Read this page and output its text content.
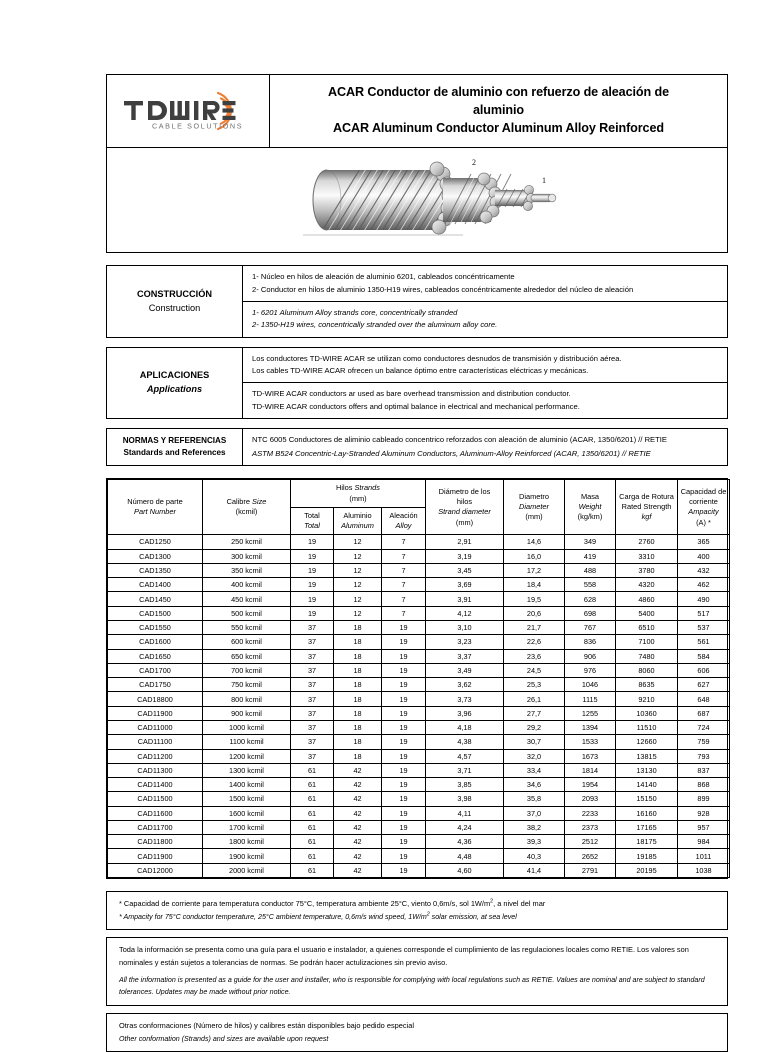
CABLE SOLUTIONS
ACAR Conductor de aluminio con refuerzo de aleación de
aluminio
ACAR Aluminum Conductor Aluminum Alloy Reinforced
2
1
CONSTRUCCIÓN
Construction

1- Núcleo en hilos de aleación de aluminio 6201, cableados concéntricamente

2- Conductor en hilos de aluminio 1350-H19 wires, cableados concéntricamente alrededor del núcleo de aleación

1- 6201 Aluminum Alloy strands core, concentrically stranded

2- 1350-H19 wires, concentrically stranded over the aluminum alloy core.

APLICACIONES
Applications

Los conductores TD-WIRE ACAR se utilizan como conductores desnudos de transmisión y distribución aérea.

Los cables TD-WIRE ACAR ofrecen un balance óptimo entre características eléctricas y mecánicas.

TD-WIRE ACAR conductors ar used as bare overhead transmission and distribution conductor.

TD-WIRE ACAR conductors offers and optimal balance in electrical and mechanical performance.

NORMAS Y REFERENCIAS
Standards and References

NTC 6005 Conductores de aliminio cableado concentrico reforzados con aleación de aluminio (ACAR, 1350/6201) // RETIE

ASTM B524 Concentric-Lay-Stranded Aluminum Conductors, Aluminum-Alloy Reinforced (ACAR, 1350/6201) // RETIE

Número de parte
Part Number

Calibre Size
(kcmil)

Hilos Strands
(mm)

Diámetro de los
hilos
Strand diameter
(mm)

Diametro
Diameter
(mm)

Masa
Weight
(kg/km)

Carga de Rotura
Rated Strength
kgf

Capacidad de corriente
Ampacity
(A) *

Total
Total

Aluminio
Aluminum

Aleación
Alloy

CAD1250	250 kcmil	19	12	7	2,91	14,6	349	2760	365
CAD1300	300 kcmil	19	12	7	3,19	16,0	419	3310	400
CAD1350	350 kcmil	19	12	7	3,45	17,2	488	3780	432
CAD1400	400 kcmil	19	12	7	3,69	18,4	558	4320	462
CAD1450	450 kcmil	19	12	7	3,91	19,5	628	4860	490
CAD1500	500 kcmil	19	12	7	4,12	20,6	698	5400	517
CAD1550	550 kcmil	37	18	19	3,10	21,7	767	6510	537
CAD1600	600 kcmil	37	18	19	3,23	22,6	836	7100	561
CAD1650	650 kcmil	37	18	19	3,37	23,6	906	7480	584
CAD1700	700 kcmil	37	18	19	3,49	24,5	976	8060	606
CAD1750	750 kcmil	37	18	19	3,62	25,3	1046	8635	627
CAD18800	800 kcmil	37	18	19	3,73	26,1	1115	9210	648
CAD11900	900 kcmil	37	18	19	3,96	27,7	1255	10360	687
CAD11000	1000 kcmil	37	18	19	4,18	29,2	1394	11510	724
CAD11100	1100 kcmil	37	18	19	4,38	30,7	1533	12660	759
CAD11200	1200 kcmil	37	18	19	4,57	32,0	1673	13815	793
CAD11300	1300 kcmil	61	42	19	3,71	33,4	1814	13130	837
CAD11400	1400 kcmil	61	42	19	3,85	34,6	1954	14140	868
CAD11500	1500 kcmil	61	42	19	3,98	35,8	2093	15150	899
CAD11600	1600 kcmil	61	42	19	4,11	37,0	2233	16160	928
CAD11700	1700 kcmil	61	42	19	4,24	38,2	2373	17165	957
CAD11800	1800 kcmil	61	42	19	4,36	39,3	2512	18175	984
CAD11900	1900 kcmil	61	42	19	4,48	40,3	2652	19185	1011
CAD12000	2000 kcmil	61	42	19	4,60	41,4	2791	20195	1038

* Capacidad de corriente para temperatura conductor 75°C, temperatura ambiente 25°C, viento 0,6m/s, sol $1W/m^2$, a nivel del mar

* Ampacity for 75°C conductor temperature, 25°C ambient temperature, 0,6m/s wind speed, $1W/m^2$ solar emission, at sea level

Toda la información se presenta como una guía para el usuario e instalador, a quienes corresponde el cumplimiento de las regulaciones locales como RETIE. Los valores son nominales y están sujetos a tolerancias de normas. Se podrán hacer actulizaciones sin previo aviso.

All the information is presented as a guide for the user and installer, who is responsible for complying with local regulations such as RETIE. Values are nominal and are subject to standard tolerances. Updates may be made without prior notice.

Otras conformaciones (Número de hilos) y calibres están disponibles bajo pedido especial

Other conformation (Strands) and sizes are available upon request
